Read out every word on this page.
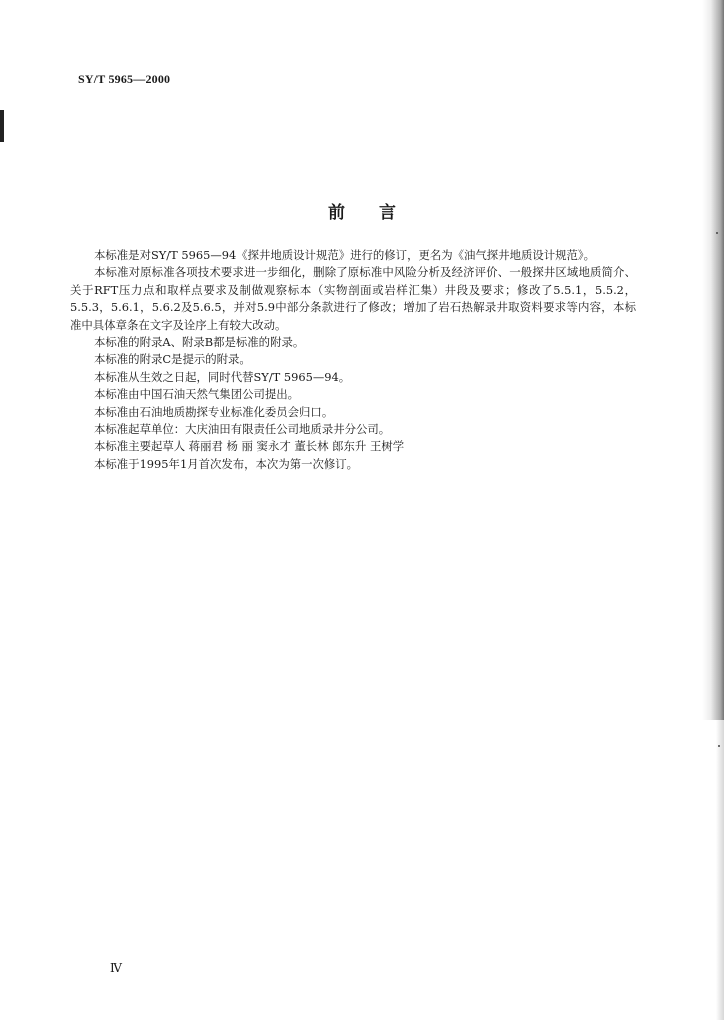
SY/T 5965—2000
前 言

本标准是对SY/T 5965—94《探井地质设计规范》进行的修订，更名为《油气探井地质设计规范》。

本标准对原标准各项技术要求进一步细化，删除了原标准中风险分析及经济评价、一般探井区域地质简介、关于RFT压力点和取样点要求及制做观察标本（实物剖面或岩样汇集）井段及要求；修改了5.5.1，5.5.2，5.5.3，5.6.1，5.6.2及5.6.5，并对5.9中部分条款进行了修改；增加了岩石热解录井取资料要求等内容，本标准中具体章条在文字及诠序上有较大改动。

本标准的附录A、附录B都是标准的附录。

本标准的附录C是提示的附录。

本标准从生效之日起，同时代替SY/T 5965—94。

本标准由中国石油天然气集团公司提出。

本标准由石油地质勘探专业标准化委员会归口。

本标准起草单位：大庆油田有限责任公司地质录井分公司。

本标准主要起草人 蒋丽君 杨 丽 窦永才 董长林 郎东升 王树学

本标准于1995年1月首次发布，本次为第一次修订。

Ⅳ
